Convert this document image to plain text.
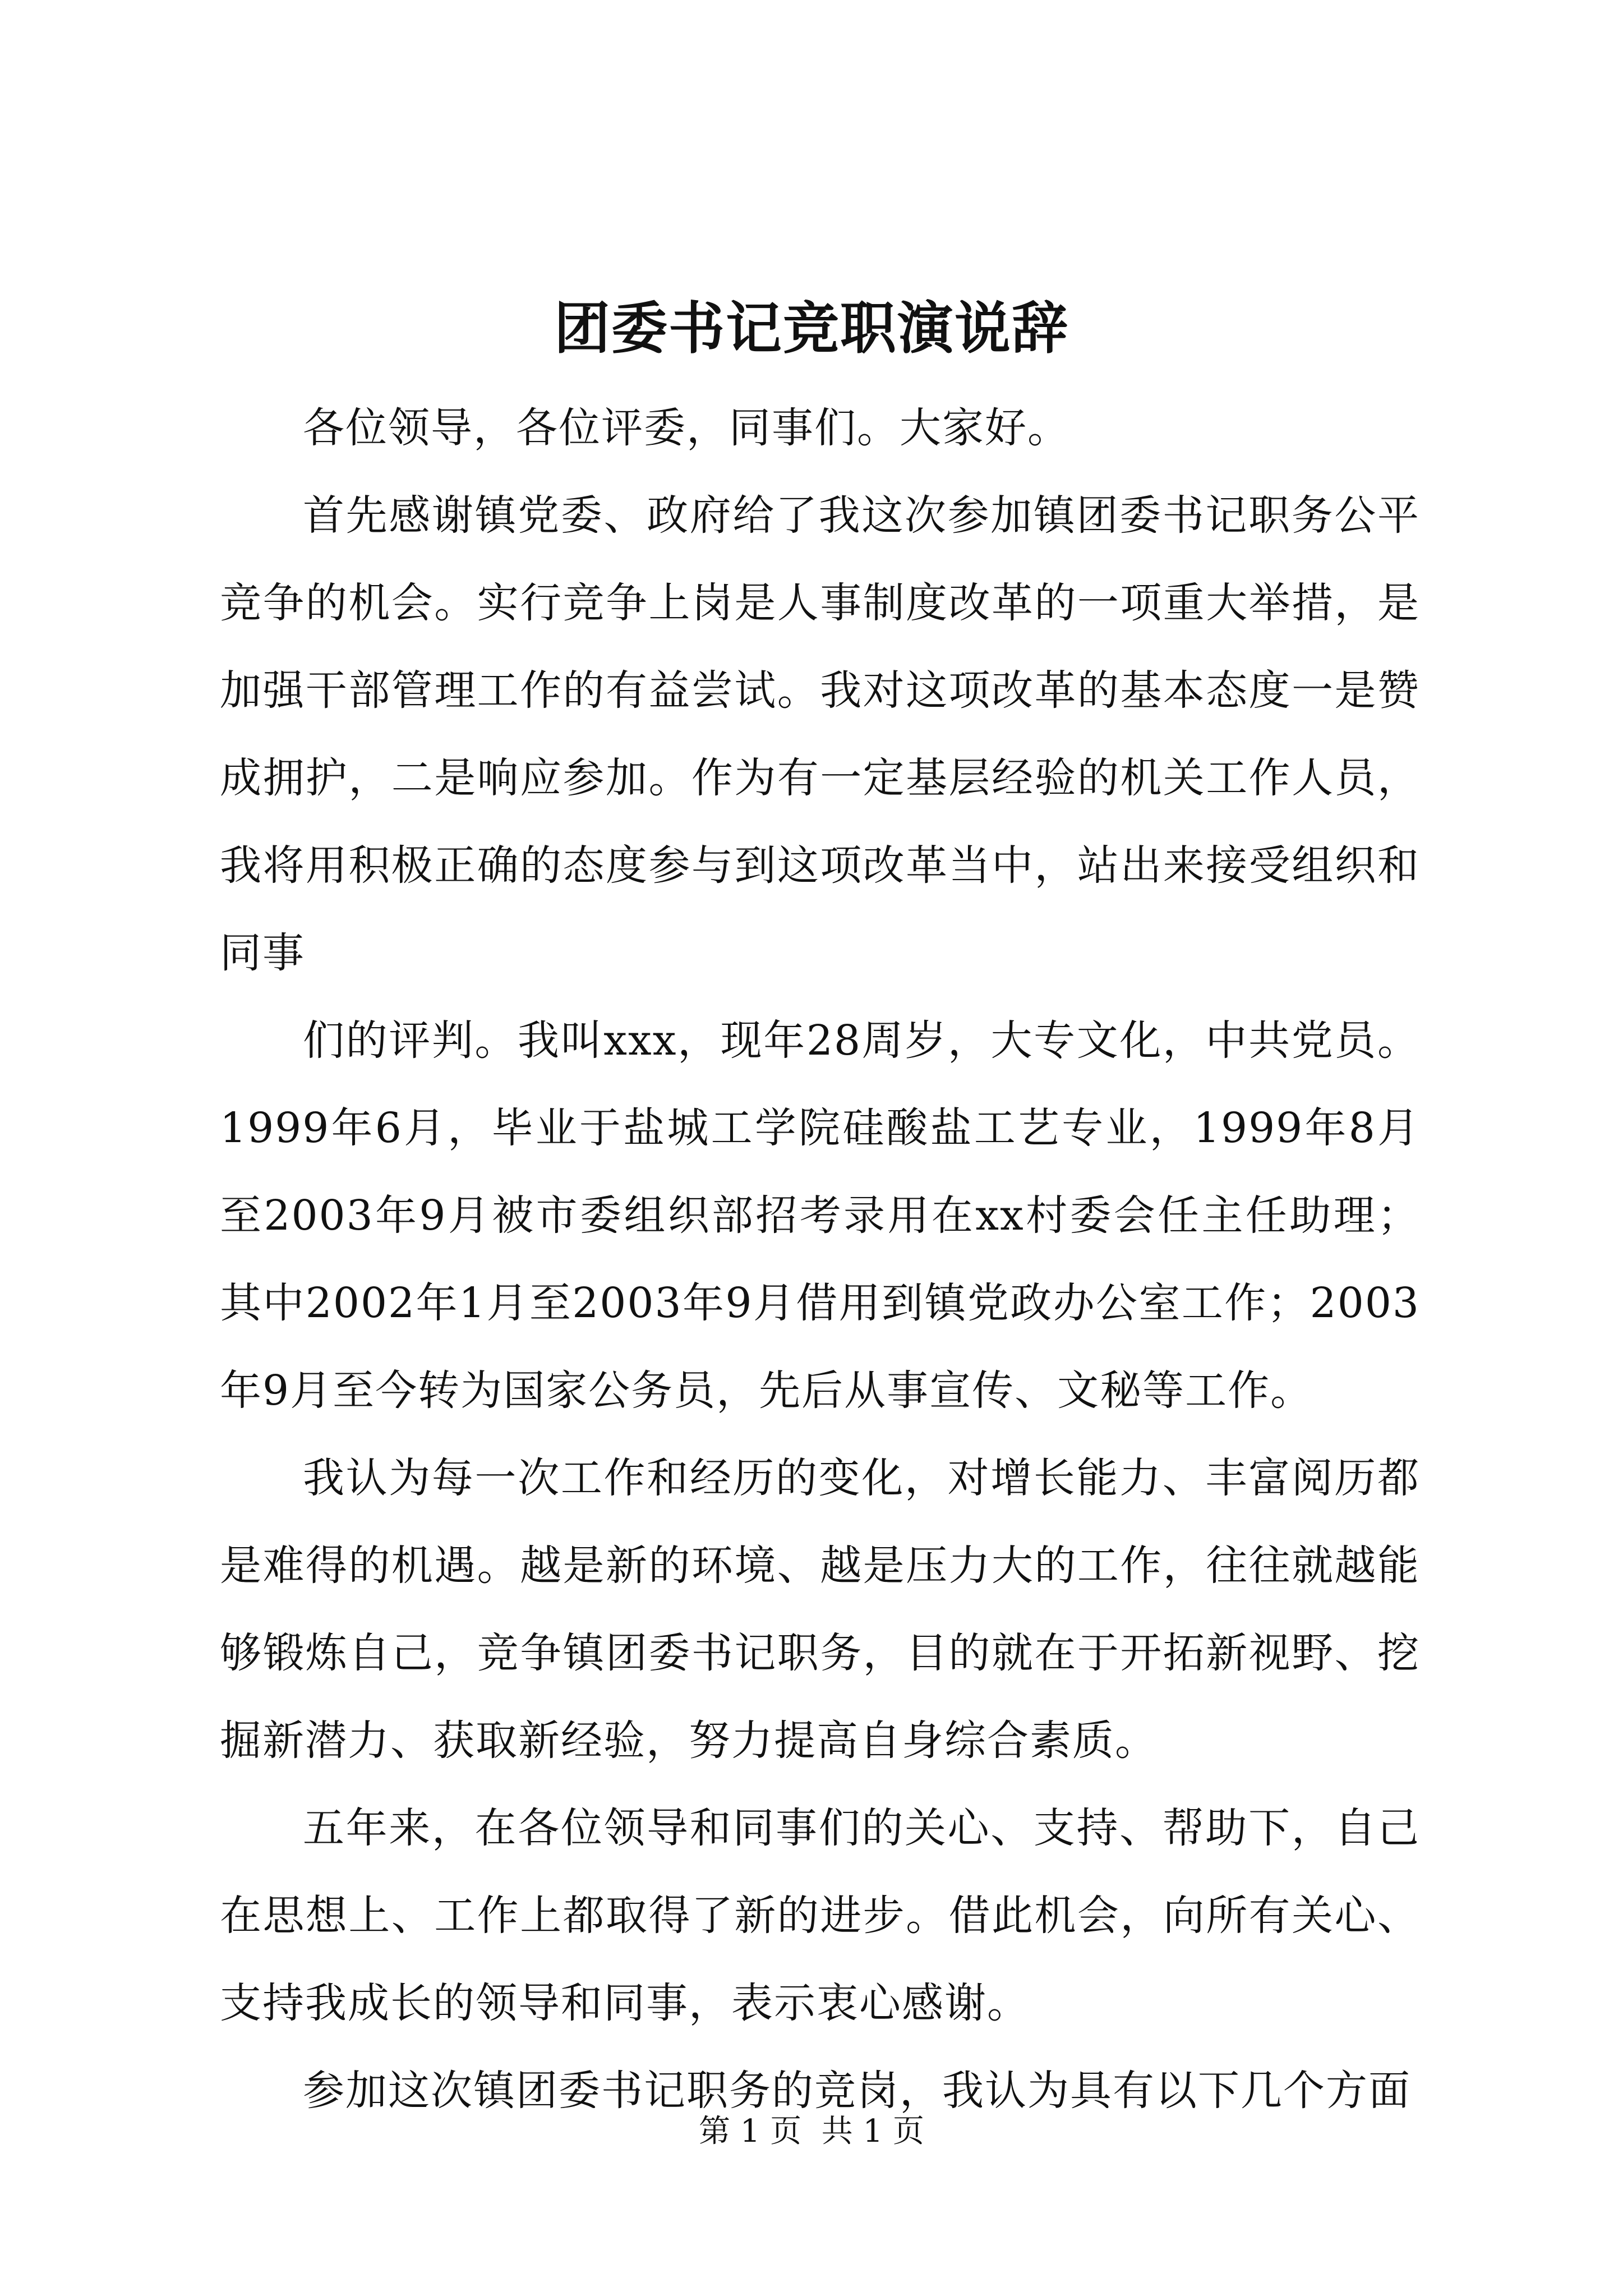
团委书记竞职演说辞

各位领导，各位评委，同事们。大家好。

首先感谢镇党委、政府给了我这次参加镇团委书记职务公平竞争的机会。实行竞争上岗是人事制度改革的一项重大举措，是加强干部管理工作的有益尝试。我对这项改革的基本态度一是赞成拥护，二是响应参加。作为有一定基层经验的机关工作人员，我将用积极正确的态度参与到这项改革当中，站出来接受组织和同事

们的评判。我叫xxx，现年28周岁，大专文化，中共党员。1999年6月，毕业于盐城工学院硅酸盐工艺专业，1999年8月至2003年9月被市委组织部招考录用在xx村委会任主任助理；其中2002年1月至2003年9月借用到镇党政办公室工作；2003年9月至今转为国家公务员，先后从事宣传、文秘等工作。

我认为每一次工作和经历的变化，对增长能力、丰富阅历都是难得的机遇。越是新的环境、越是压力大的工作，往往就越能够锻炼自己，竞争镇团委书记职务，目的就在于开拓新视野、挖掘新潜力、获取新经验，努力提高自身综合素质。

五年来，在各位领导和同事们的关心、支持、帮助下，自己在思想上、工作上都取得了新的进步。借此机会，向所有关心、支持我成长的领导和同事，表示衷心感谢。

参加这次镇团委书记职务的竞岗，我认为具有以下几个方面

第 1 页  共 1 页
